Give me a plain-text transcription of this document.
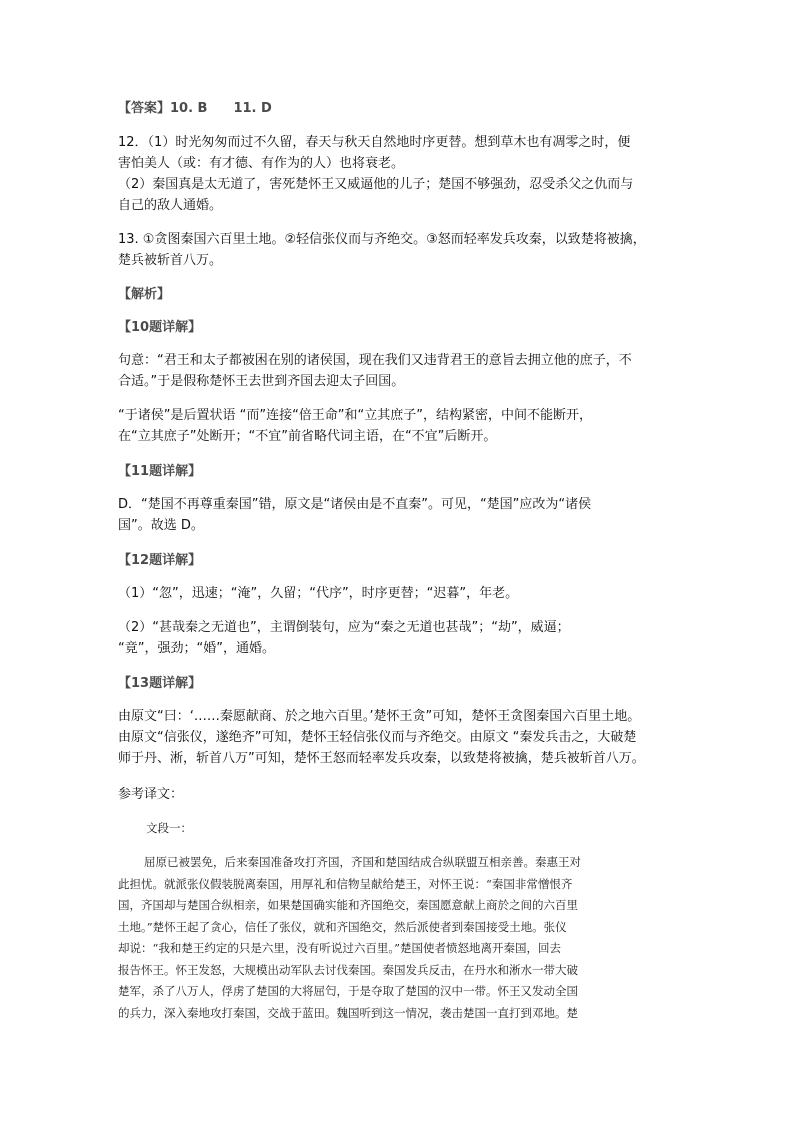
【答案】10. B　　11. D

12．（1）时光匆匆而过不久留，春天与秋天自然地时序更替。想到草木也有凋零之时，便

害怕美人（或：有才德、有作为的人）也将衰老。

（2）秦国真是太无道了，害死楚怀王又威逼他的儿子；楚国不够强劲，忍受杀父之仇而与

自己的敌人通婚。

13. ①贪图秦国六百里土地。②轻信张仪而与齐绝交。③怒而轻率发兵攻秦，以致楚将被擒，

楚兵被斩首八万。

【解析】

【10题详解】

句意：“君王和太子都被困在别的诸侯国，现在我们又违背君王的意旨去拥立他的庶子，不

合适。”于是假称楚怀王去世到齐国去迎太子回国。

“于诸侯”是后置状语 “而”连接“倍王命”和“立其庶子”，结构紧密，中间不能断开，

在“立其庶子”处断开；“不宜”前省略代词主语，在“不宜”后断开。

【11题详解】

D．“楚国不再尊重秦国”错，原文是“诸侯由是不直秦”。可见，“楚国”应改为“诸侯

国”。故选 D。

【12题详解】

（1）“忽”，迅速；“淹”，久留；“代序”，时序更替；“迟暮”，年老。

（2）“甚哉秦之无道也”，主谓倒装句，应为“秦之无道也甚哉”；“劫”，威逼；

“竟”，强劲；“婚”，通婚。

【13题详解】

由原文“曰：‘……秦愿献商、於之地六百里。’楚怀王贪”可知，楚怀王贪图秦国六百里土地。

由原文“信张仪，遂绝齐”可知，楚怀王轻信张仪而与齐绝交。由原文 “秦发兵击之，大破楚

师于丹、淅，斩首八万”可知，楚怀王怒而轻率发兵攻秦，以致楚将被擒，楚兵被斩首八万。

参考译文：

文段一：

屈原已被罢免，后来秦国准备攻打齐国，齐国和楚国结成合纵联盟互相亲善。秦惠王对

此担忧。就派张仪假装脱离秦国，用厚礼和信物呈献给楚王，对怀王说：“秦国非常憎恨齐

国，齐国却与楚国合纵相亲，如果楚国确实能和齐国绝交，秦国愿意献上商於之间的六百里

土地。”楚怀王起了贪心，信任了张仪，就和齐国绝交，然后派使者到秦国接受土地。张仪

却说：“我和楚王约定的只是六里，没有听说过六百里。”楚国使者愤怒地离开秦国，回去

报告怀王。怀王发怒，大规模出动军队去讨伐秦国。秦国发兵反击，在丹水和淅水一带大破

楚军，杀了八万人，俘虏了楚国的大将屈匄，于是夺取了楚国的汉中一带。怀王又发动全国

的兵力，深入秦地攻打秦国，交战于蓝田。魏国听到这一情况，袭击楚国一直打到邓地。楚
